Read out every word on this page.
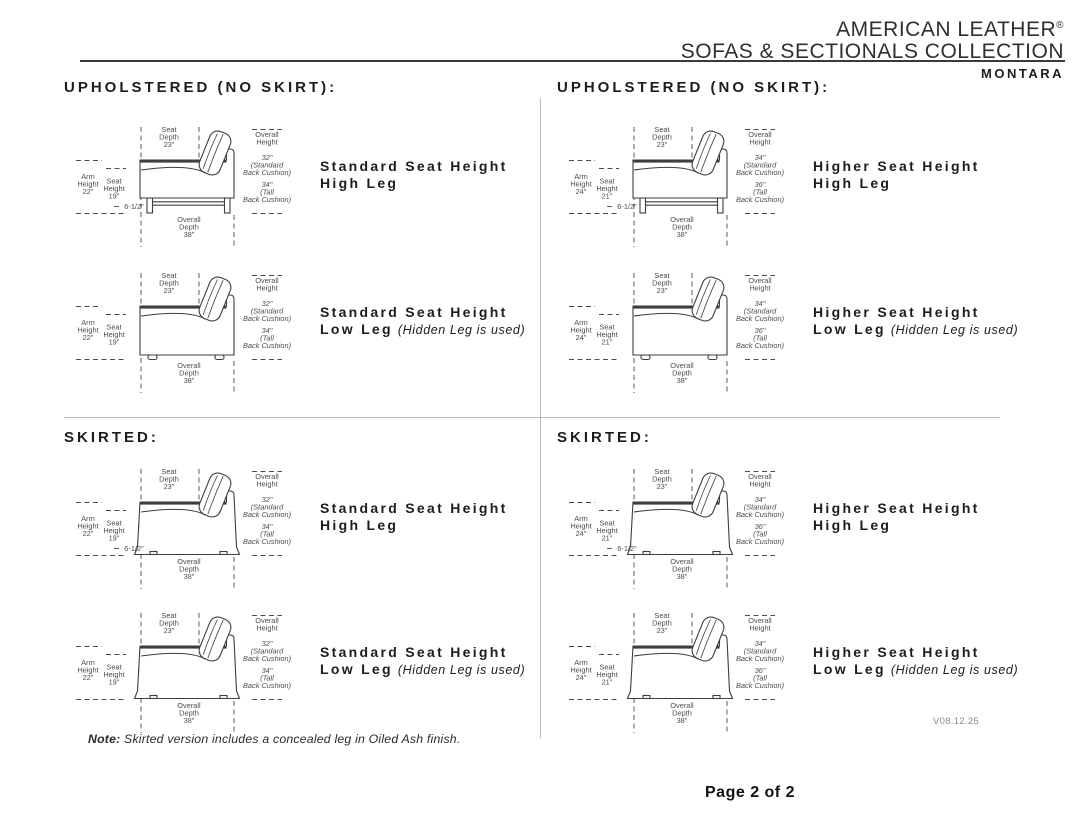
AMERICAN LEATHER®
SOFAS & SECTIONALS COLLECTION
MONTARA
UPHOLSTERED (NO SKIRT):
Seat
Depth
23"
Overall
Height
32"
(Standard
Back Cushion)
34"
(Tall
Back Cushion)
Arm
Height
22"
Seat
Height
19"
Overall
Depth
38"
6-1/2"
Standard Seat Height
High Leg
Seat
Depth
23"
Overall
Height
32"
(Standard
Back Cushion)
34"
(Tall
Back Cushion)
Arm
Height
22"
Seat
Height
19"
Overall
Depth
38"
Standard Seat Height
Low Leg (Hidden Leg is used)
UPHOLSTERED (NO SKIRT):
Seat
Depth
23"
Overall
Height
34"
(Standard
Back Cushion)
36"
(Tall
Back Cushion)
Arm
Height
24"
Seat
Height
21"
Overall
Depth
38"
6-1/2"
Higher Seat Height
High Leg
Seat
Depth
23"
Overall
Height
34"
(Standard
Back Cushion)
36"
(Tall
Back Cushion)
Arm
Height
24"
Seat
Height
21"
Overall
Depth
38"
Higher Seat Height
Low Leg (Hidden Leg is used)
SKIRTED:
Seat
Depth
23"
Overall
Height
32"
(Standard
Back Cushion)
34"
(Tall
Back Cushion)
Arm
Height
22"
Seat
Height
19"
Overall
Depth
38"
6-1/2"
Standard Seat Height
High Leg
Seat
Depth
23"
Overall
Height
32"
(Standard
Back Cushion)
34"
(Tall
Back Cushion)
Arm
Height
22"
Seat
Height
19"
Overall
Depth
38"
Standard Seat Height
Low Leg (Hidden Leg is used)
SKIRTED:
Seat
Depth
23"
Overall
Height
34"
(Standard
Back Cushion)
36"
(Tall
Back Cushion)
Arm
Height
24"
Seat
Height
21"
Overall
Depth
38"
6-1/2"
Higher Seat Height
High Leg
Seat
Depth
23"
Overall
Height
34"
(Standard
Back Cushion)
36"
(Tall
Back Cushion)
Arm
Height
24"
Seat
Height
21"
Overall
Depth
38"
Higher Seat Height
Low Leg (Hidden Leg is used)
Note: Skirted version includes a concealed leg in Oiled Ash finish.
V08.12.25
Page 2 of 2
